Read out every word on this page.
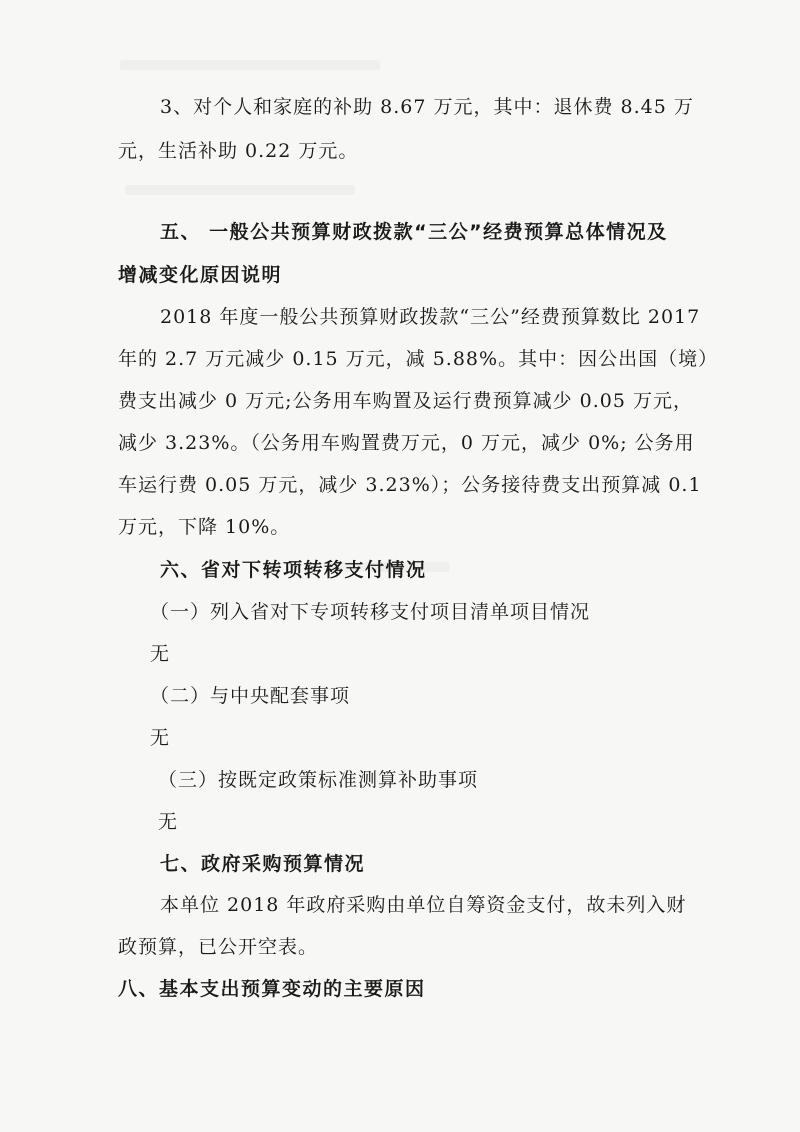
3、对个人和家庭的补助 8.67 万元，其中：退休费 8.45 万
元，生活补助 0.22 万元。
五、 一般公共预算财政拨款“三公”经费预算总体情况及
增减变化原因说明
2018 年度一般公共预算财政拨款“三公”经费预算数比 2017
年的 2.7 万元减少 0.15 万元，减 5.88%。其中：因公出国（境）
费支出减少 0 万元;公务用车购置及运行费预算减少 0.05 万元，
减少 3.23%。（公务用车购置费万元，0 万元，减少 0%; 公务用
车运行费 0.05 万元，减少 3.23%）；公务接待费支出预算减 0.1
万元，下降 10%。
六、省对下转项转移支付情况
（一）列入省对下专项转移支付项目清单项目情况
无
（二）与中央配套事项
无
（三）按既定政策标准测算补助事项
无
七、政府采购预算情况
本单位 2018 年政府采购由单位自筹资金支付，故未列入财
政预算，已公开空表。
八、基本支出预算变动的主要原因
